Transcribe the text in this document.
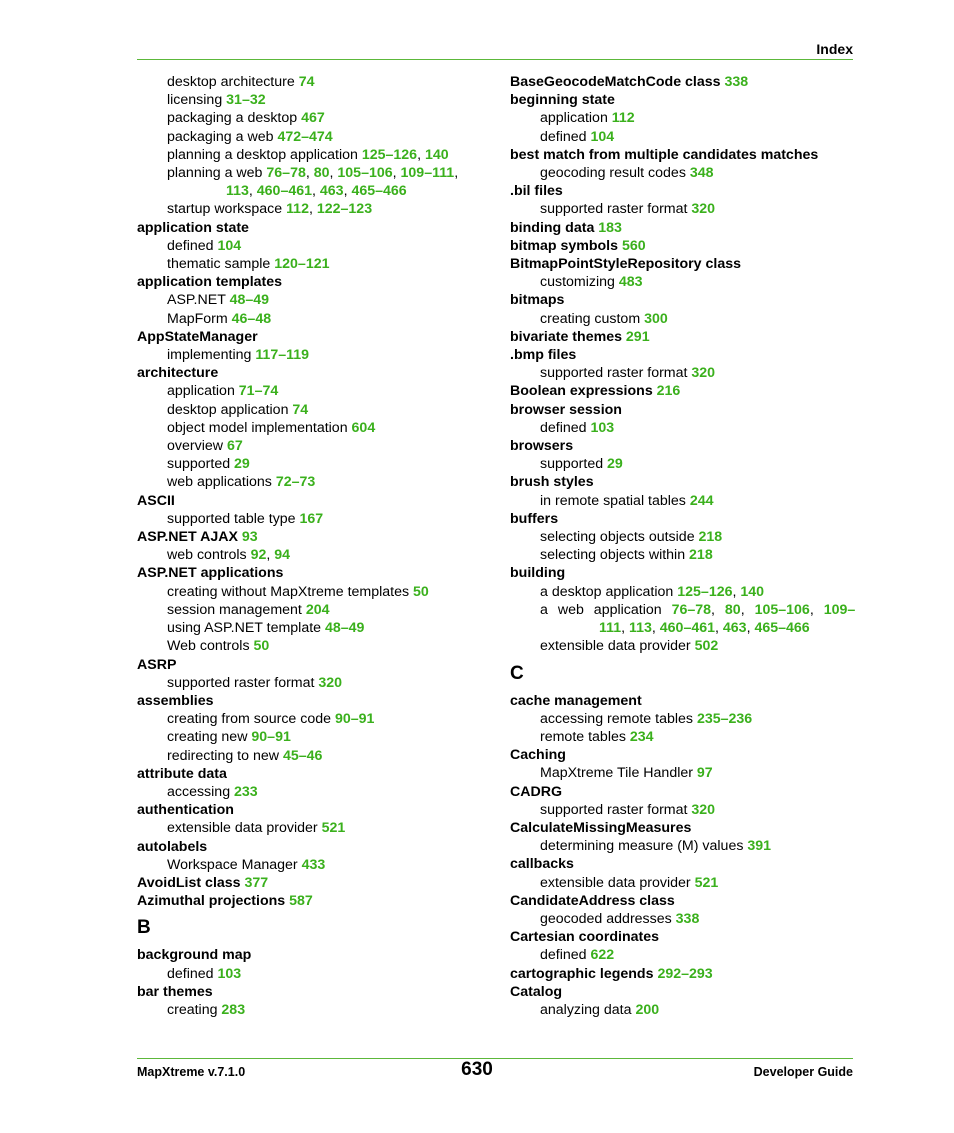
Index
desktop architecture 74
licensing 31–32
packaging a desktop 467
packaging a web 472–474
planning a desktop application 125–126, 140
planning a web 76–78, 80, 105–106, 109–111,
113, 460–461, 463, 465–466
startup workspace 112, 122–123
application state
defined 104
thematic sample 120–121
application templates
ASP.NET 48–49
MapForm 46–48
AppStateManager
implementing 117–119
architecture
application 71–74
desktop application 74
object model implementation 604
overview 67
supported 29
web applications 72–73
ASCII
supported table type 167
ASP.NET AJAX 93
web controls 92, 94
ASP.NET applications
creating without MapXtreme templates 50
session management 204
using ASP.NET template 48–49
Web controls 50
ASRP
supported raster format 320
assemblies
creating from source code 90–91
creating new 90–91
redirecting to new 45–46
attribute data
accessing 233
authentication
extensible data provider 521
autolabels
Workspace Manager 433
AvoidList class 377
Azimuthal projections 587
B
background map
defined 103
bar themes
creating 283
BaseGeocodeMatchCode class 338
beginning state
application 112
defined 104
best match from multiple candidates matches
geocoding result codes 348
.bil files
supported raster format 320
binding data 183
bitmap symbols 560
BitmapPointStyleRepository class
customizing 483
bitmaps
creating custom 300
bivariate themes 291
.bmp files
supported raster format 320
Boolean expressions 216
browser session
defined 103
browsers
supported 29
brush styles
in remote spatial tables 244
buffers
selecting objects outside 218
selecting objects within 218
building
a desktop application 125–126, 140
a web application 76–78, 80, 105–106, 109–
111, 113, 460–461, 463, 465–466
extensible data provider 502
C
cache management
accessing remote tables 235–236
remote tables 234
Caching
MapXtreme Tile Handler 97
CADRG
supported raster format 320
CalculateMissingMeasures
determining measure (M) values 391
callbacks
extensible data provider 521
CandidateAddress class
geocoded addresses 338
Cartesian coordinates
defined 622
cartographic legends 292–293
Catalog
analyzing data 200
MapXtreme v.7.1.0	630	Developer Guide
